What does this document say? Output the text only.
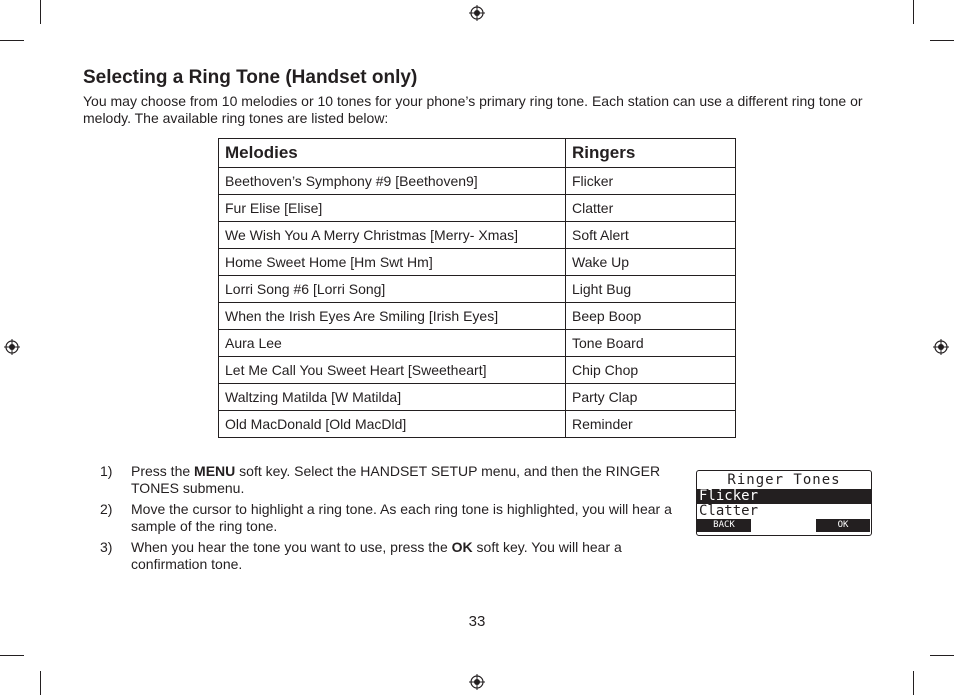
Selecting a Ring Tone (Handset only)

You may choose from 10 melodies or 10 tones for your phone’s primary ring tone. Each station can use a different ring tone or melody. The available ring tones are listed below:

Melodies	Ringers
Beethoven’s Symphony #9 [Beethoven9]	Flicker
Fur Elise [Elise]	Clatter
We Wish You A Merry Christmas [Merry- Xmas]	Soft Alert
Home Sweet Home [Hm Swt Hm]	Wake Up
Lorri Song #6 [Lorri Song]	Light Bug
When the Irish Eyes Are Smiling [Irish Eyes]	Beep Boop
Aura Lee	Tone Board
Let Me Call You Sweet Heart [Sweetheart]	Chip Chop
Waltzing Matilda [W Matilda]	Party Clap
Old MacDonald [Old MacDld]	Reminder
1) Press the MENU soft key. Select the HANDSET SETUP menu, and then the RINGER TONES submenu.
2) Move the cursor to highlight a ring tone. As each ring tone is highlighted, you will hear a sample of the ring tone.
3) When you hear the tone you want to use, press the OK soft key. You will hear a confirmation tone.
Ringer Tones
Flicker
Clatter
BACK	OK
33
